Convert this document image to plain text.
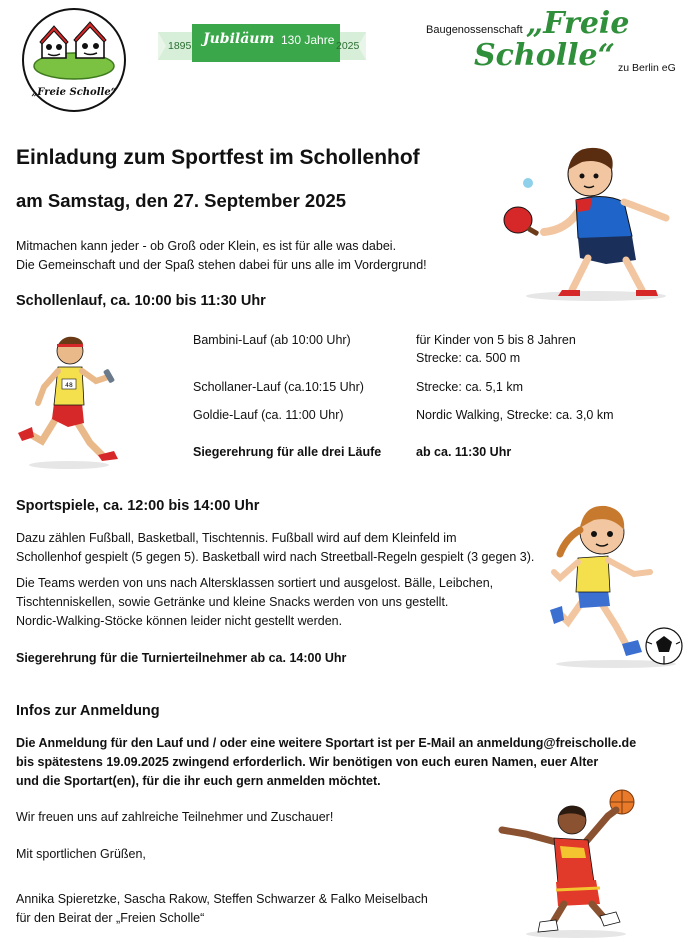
„Freie Scholle“
1895 Jubiläum 130 Jahre 2025
Baugenossenschaft „Freie
Scholle“ zu Berlin eG
Einladung zum Sportfest im Schollenhof
am Samstag, den 27. September 2025
Mitmachen kann jeder - ob Groß oder Klein, es ist für alle was dabei.
Die Gemeinschaft und der Spaß stehen dabei für uns alle im Vordergrund!
Schollenlauf, ca. 10:00 bis 11:30 Uhr
48
Bambini-Lauf (ab 10:00 Uhr)	für Kinder von 5 bis 8 Jahren
Strecke: ca. 500 m
Schollaner-Lauf (ca.10:15 Uhr)	Strecke: ca. 5,1 km
Goldie-Lauf (ca. 11:00 Uhr)	Nordic Walking, Strecke: ca. 3,0 km
Siegerehrung für alle drei Läufe	ab ca. 11:30 Uhr
Sportspiele, ca. 12:00 bis 14:00 Uhr
Dazu zählen Fußball, Basketball, Tischtennis. Fußball wird auf dem Kleinfeld im
Schollenhof gespielt (5 gegen 5). Basketball wird nach Streetball-Regeln gespielt (3 gegen 3).
Die Teams werden von uns nach Altersklassen sortiert und ausgelost. Bälle, Leibchen,
Tischtenniskellen, sowie Getränke und kleine Snacks werden von uns gestellt.
Nordic-Walking-Stöcke können leider nicht gestellt werden.
Siegerehrung für die Turnierteilnehmer ab ca. 14:00 Uhr
Infos zur Anmeldung
Die Anmeldung für den Lauf und / oder eine weitere Sportart ist per E-Mail an anmeldung@freischolle.de
bis spätestens 19.09.2025 zwingend erforderlich. Wir benötigen von euch euren Namen, euer Alter
und die Sportart(en), für die ihr euch gern anmelden möchtet.
Wir freuen uns auf zahlreiche Teilnehmer und Zuschauer!
Mit sportlichen Grüßen,
Annika Spieretzke, Sascha Rakow, Steffen Schwarzer & Falko Meiselbach
für den Beirat der „Freien Scholle“
